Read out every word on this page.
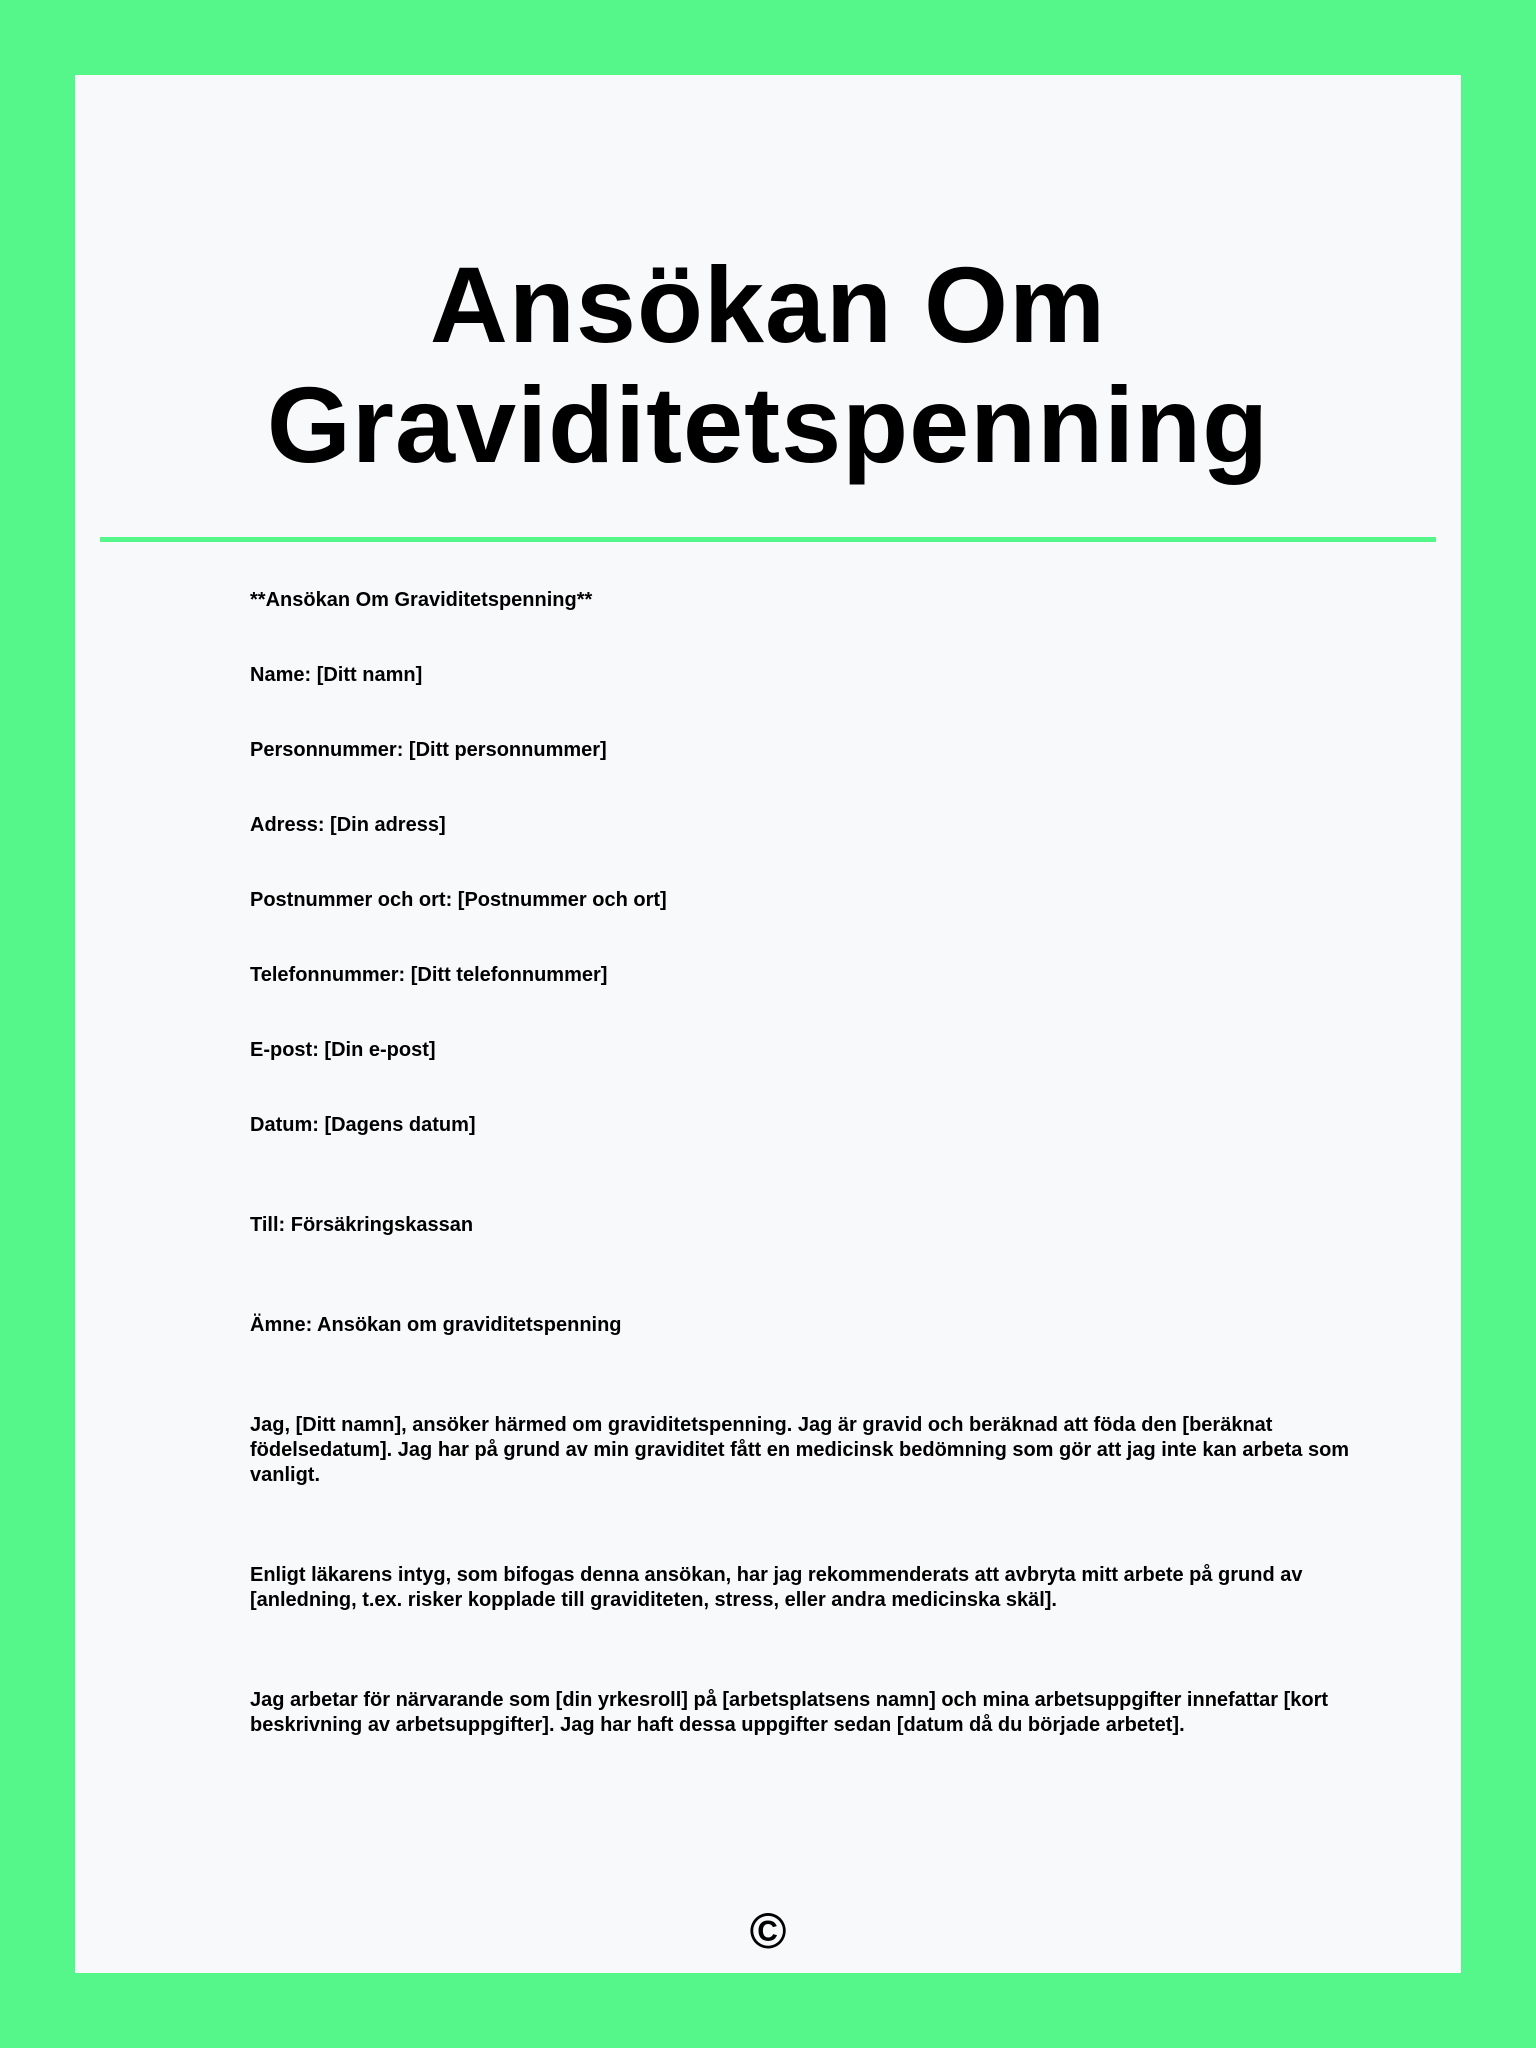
Ansökan Om
Graviditetspenning

**Ansökan Om Graviditetspenning**

Name: [Ditt namn]

Personnummer: [Ditt personnummer]

Adress: [Din adress]

Postnummer och ort: [Postnummer och ort]

Telefonnummer: [Ditt telefonnummer]

E-post: [Din e-post]

Datum: [Dagens datum]

Till: Försäkringskassan

Ämne: Ansökan om graviditetspenning

Jag, [Ditt namn], ansöker härmed om graviditetspenning. Jag är gravid och beräknad att föda den [beräknat födelsedatum]. Jag har på grund av min graviditet fått en medicinsk bedömning som gör att jag inte kan arbeta som vanligt.

Enligt läkarens intyg, som bifogas denna ansökan, har jag rekommenderats att avbryta mitt arbete på grund av [anledning, t.ex. risker kopplade till graviditeten, stress, eller andra medicinska skäl].

Jag arbetar för närvarande som [din yrkesroll] på [arbetsplatsens namn] och mina arbetsuppgifter innefattar [kort beskrivning av arbetsuppgifter]. Jag har haft dessa uppgifter sedan [datum då du började arbetet].

©
